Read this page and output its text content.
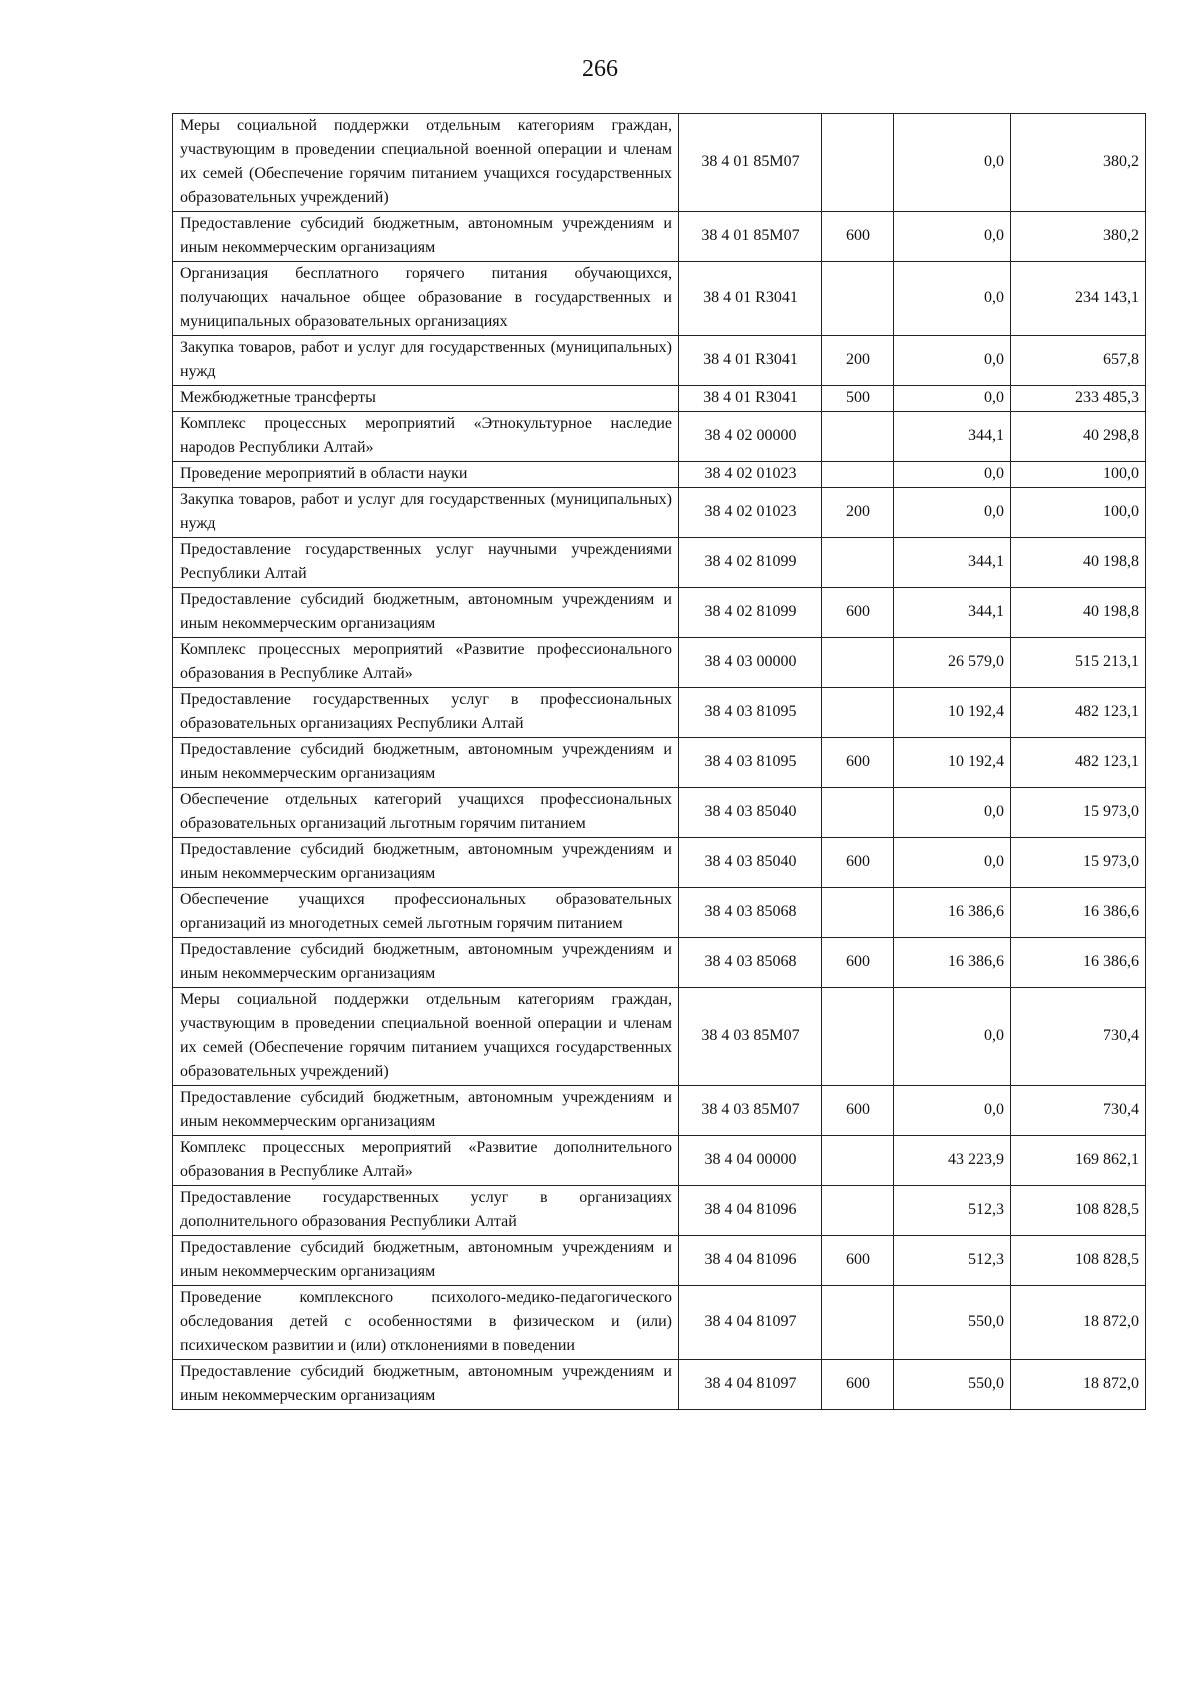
266
Меры социальной поддержки отдельным категориям граждан, участвующим в проведении специальной военной операции и членам их семей (Обеспечение горячим питанием учащихся государственных образовательных учреждений)	38 4 01 85М07		0,0	380,2
Предоставление субсидий бюджетным, автономным учреждениям и иным некоммерческим организациям	38 4 01 85М07	600	0,0	380,2
Организация бесплатного горячего питания обучающихся, получающих начальное общее образование в государственных и муниципальных образовательных организациях	38 4 01 R3041		0,0	234 143,1
Закупка товаров, работ и услуг для государственных (муниципальных) нужд	38 4 01 R3041	200	0,0	657,8
Межбюджетные трансферты	38 4 01 R3041	500	0,0	233 485,3
Комплекс процессных мероприятий «Этнокультурное наследие народов Республики Алтай»	38 4 02 00000		344,1	40 298,8
Проведение мероприятий в области науки	38 4 02 01023		0,0	100,0
Закупка товаров, работ и услуг для государственных (муниципальных) нужд	38 4 02 01023	200	0,0	100,0
Предоставление государственных услуг научными учреждениями Республики Алтай	38 4 02 81099		344,1	40 198,8
Предоставление субсидий бюджетным, автономным учреждениям и иным некоммерческим организациям	38 4 02 81099	600	344,1	40 198,8
Комплекс процессных мероприятий «Развитие профессионального образования в Республике Алтай»	38 4 03 00000		26 579,0	515 213,1
Предоставление государственных услуг в профессиональных образовательных организациях Республики Алтай	38 4 03 81095		10 192,4	482 123,1
Предоставление субсидий бюджетным, автономным учреждениям и иным некоммерческим организациям	38 4 03 81095	600	10 192,4	482 123,1
Обеспечение отдельных категорий учащихся профессиональных образовательных организаций льготным горячим питанием	38 4 03 85040		0,0	15 973,0
Предоставление субсидий бюджетным, автономным учреждениям и иным некоммерческим организациям	38 4 03 85040	600	0,0	15 973,0
Обеспечение учащихся профессиональных образовательных организаций из многодетных семей льготным горячим питанием	38 4 03 85068		16 386,6	16 386,6
Предоставление субсидий бюджетным, автономным учреждениям и иным некоммерческим организациям	38 4 03 85068	600	16 386,6	16 386,6
Меры социальной поддержки отдельным категориям граждан, участвующим в проведении специальной военной операции и членам их семей (Обеспечение горячим питанием учащихся государственных образовательных учреждений)	38 4 03 85М07		0,0	730,4
Предоставление субсидий бюджетным, автономным учреждениям и иным некоммерческим организациям	38 4 03 85М07	600	0,0	730,4
Комплекс процессных мероприятий «Развитие дополнительного образования в Республике Алтай»	38 4 04 00000		43 223,9	169 862,1
Предоставление государственных услуг в организациях дополнительного образования Республики Алтай	38 4 04 81096		512,3	108 828,5
Предоставление субсидий бюджетным, автономным учреждениям и иным некоммерческим организациям	38 4 04 81096	600	512,3	108 828,5
Проведение комплексного психолого-медико-педагогического обследования детей с особенностями в физическом и (или) психическом развитии и (или) отклонениями в поведении	38 4 04 81097		550,0	18 872,0
Предоставление субсидий бюджетным, автономным учреждениям и иным некоммерческим организациям	38 4 04 81097	600	550,0	18 872,0
